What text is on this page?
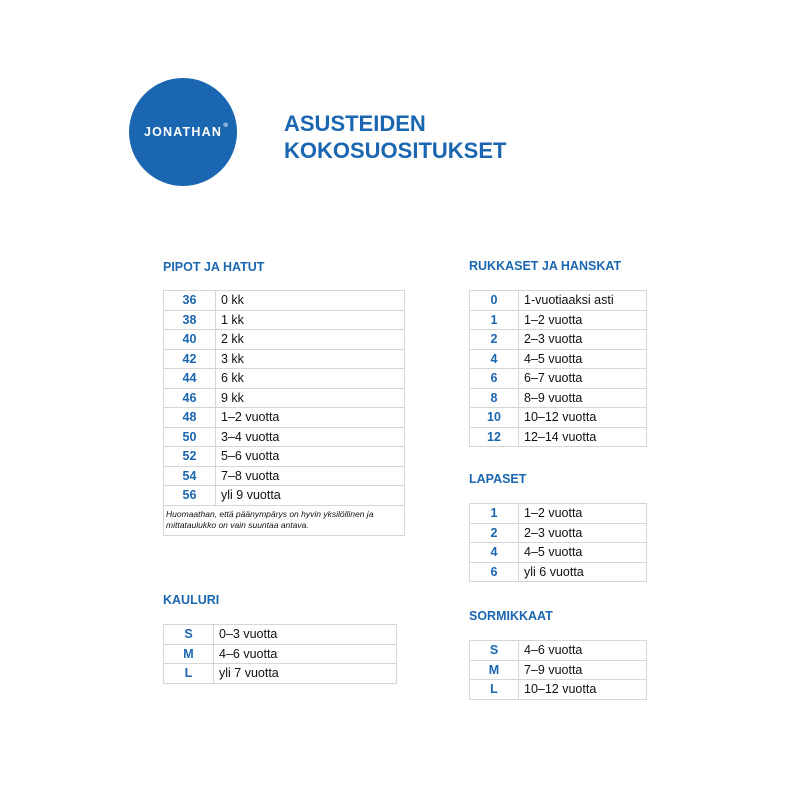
JONATHAN ® ASUSTEIDEN
KOKOSUOSITUKSET
PIPOT JA HATUT
36	0 kk
38	1 kk
40	2 kk
42	3 kk
44	6 kk
46	9 kk
48	1–2 vuotta
50	3–4 vuotta
52	5–6 vuotta
54	7–8 vuotta
56	yli 9 vuotta
Huomaathan, että päänympärys on hyvin yksilöllinen ja mittataulukko on vain suuntaa antava.	
KAULURI
S	0–3 vuotta
M	4–6 vuotta
L	yli 7 vuotta
RUKKASET JA HANSKAT
0	1-vuotiaaksi asti
1	1–2 vuotta
2	2–3 vuotta
4	4–5 vuotta
6	6–7 vuotta
8	8–9 vuotta
10	10–12 vuotta
12	12–14 vuotta
LAPASET
1	1–2 vuotta
2	2–3 vuotta
4	4–5 vuotta
6	yli 6 vuotta
SORMIKKAAT
S	4–6 vuotta
M	7–9 vuotta
L	10–12 vuotta
